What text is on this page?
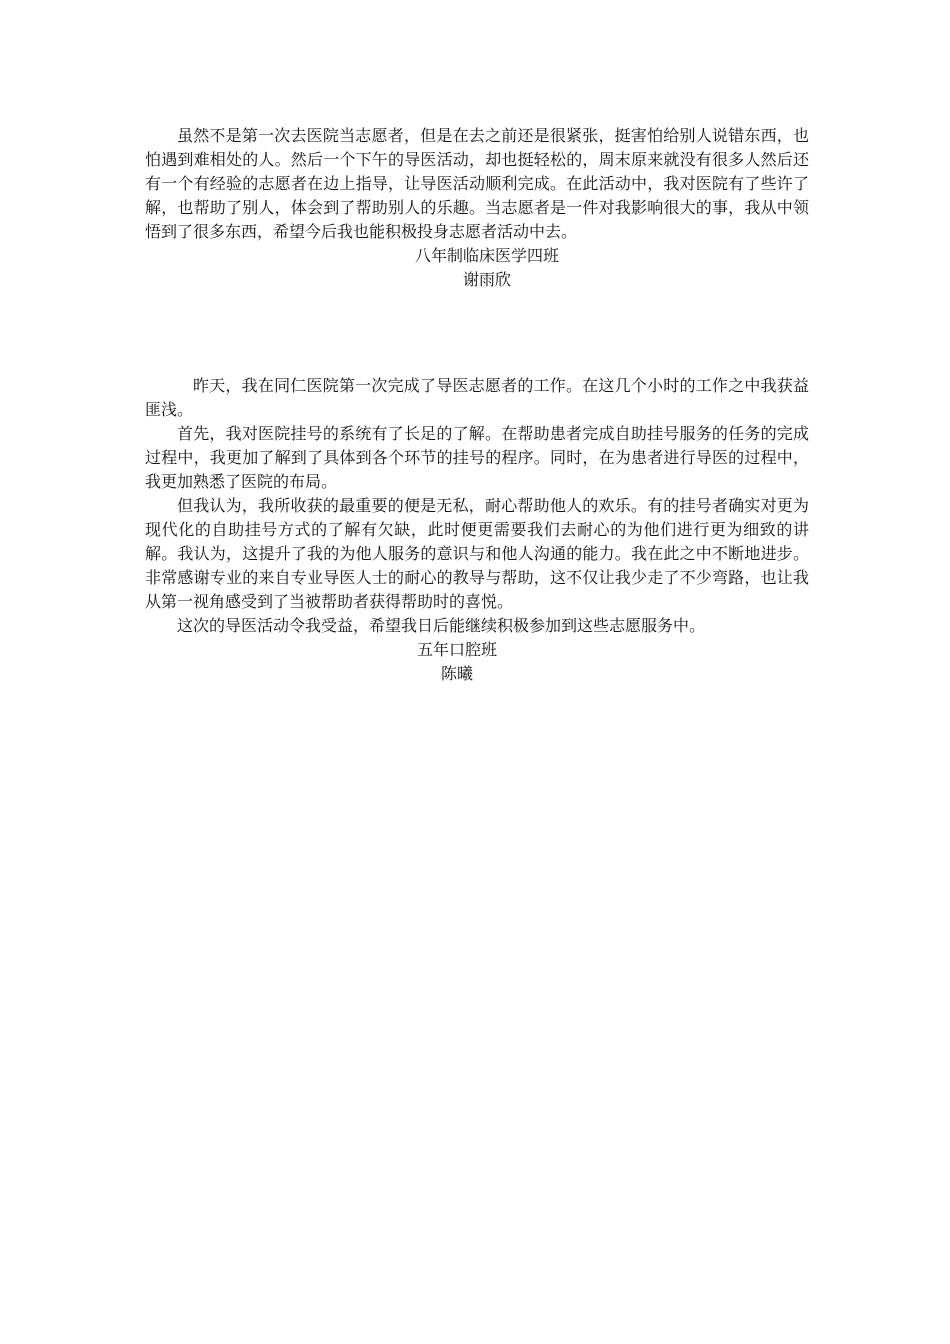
虽然不是第一次去医院当志愿者，但是在去之前还是很紧张，挺害怕给别人说错东西，也怕遇到难相处的人。然后一个下午的导医活动，却也挺轻松的，周末原来就没有很多人然后还有一个有经验的志愿者在边上指导，让导医活动顺利完成。在此活动中，我对医院有了些许了解，也帮助了别人，体会到了帮助别人的乐趣。当志愿者是一件对我影响很大的事，我从中领悟到了很多东西，希望今后我也能积极投身志愿者活动中去。

八年制临床医学四班

谢雨欣

昨天，我在同仁医院第一次完成了导医志愿者的工作。在这几个小时的工作之中我获益匪浅。

首先，我对医院挂号的系统有了长足的了解。在帮助患者完成自助挂号服务的任务的完成过程中，我更加了解到了具体到各个环节的挂号的程序。同时，在为患者进行导医的过程中，我更加熟悉了医院的布局。

但我认为，我所收获的最重要的便是无私，耐心帮助他人的欢乐。有的挂号者确实对更为现代化的自助挂号方式的了解有欠缺，此时便更需要我们去耐心的为他们进行更为细致的讲解。我认为，这提升了我的为他人服务的意识与和他人沟通的能力。我在此之中不断地进步。非常感谢专业的来自专业导医人士的耐心的教导与帮助，这不仅让我少走了不少弯路，也让我从第一视角感受到了当被帮助者获得帮助时的喜悦。

这次的导医活动令我受益，希望我日后能继续积极参加到这些志愿服务中。

五年口腔班

陈曦
